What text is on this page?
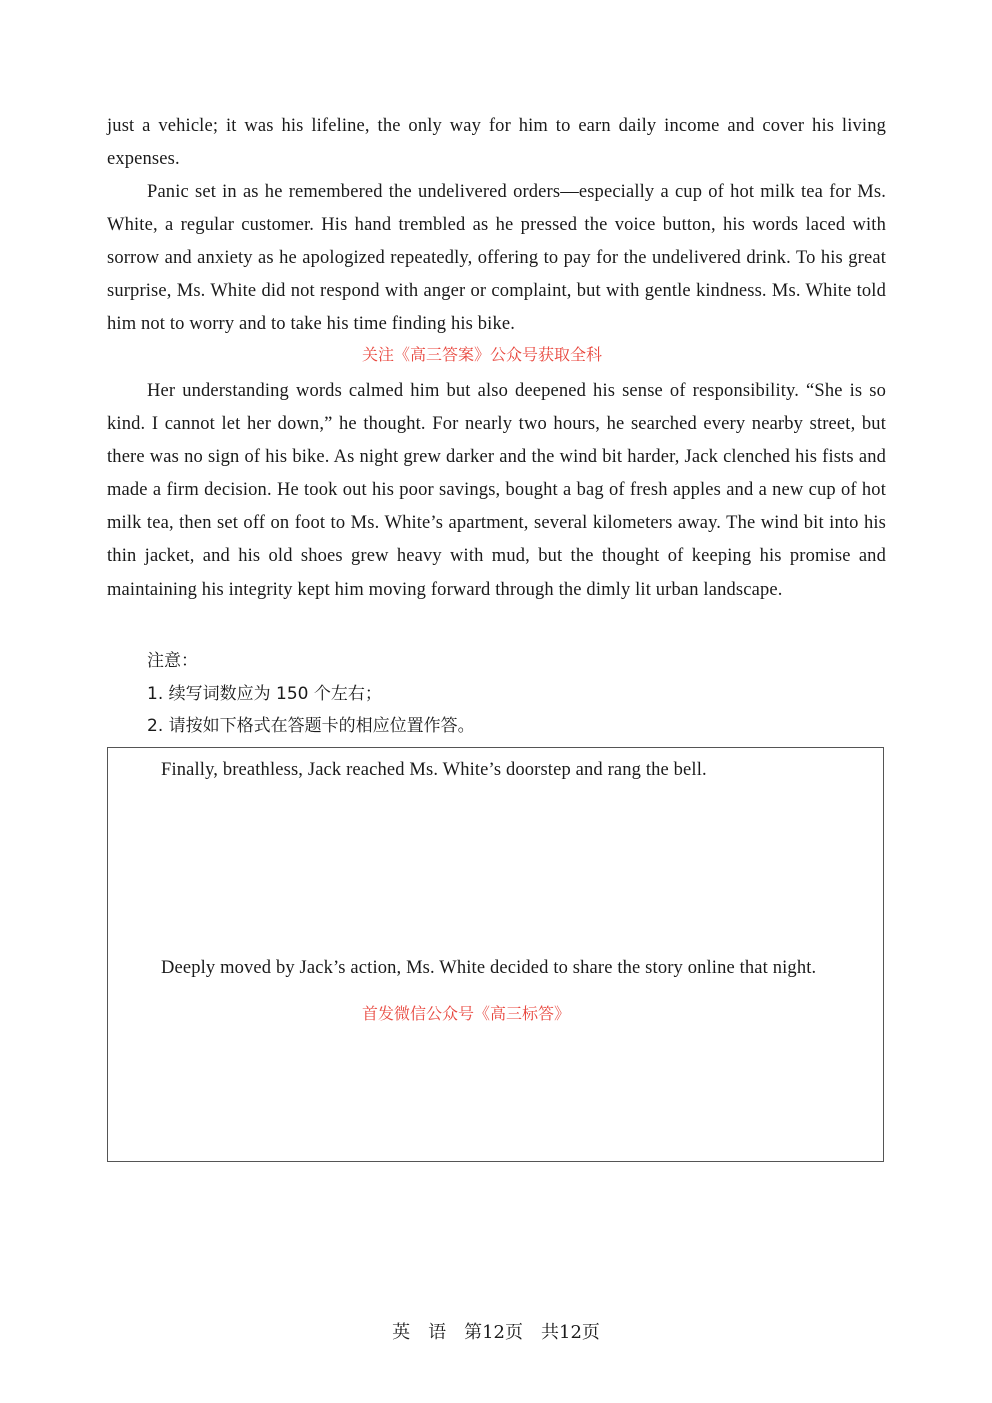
just a vehicle; it was his lifeline, the only way for him to earn daily income and cover his living expenses.

Panic set in as he remembered the undelivered orders—especially a cup of hot milk tea for Ms. White, a regular customer. His hand trembled as he pressed the voice button, his words laced with sorrow and anxiety as he apologized repeatedly, offering to pay for the undelivered drink. To his great surprise, Ms. White did not respond with anger or complaint, but with gentle kindness. Ms. White told him not to worry and to take his time finding his bike.

关注《高三答案》公众号获取全科

Her understanding words calmed him but also deepened his sense of responsibility. “She is so kind. I cannot let her down,” he thought. For nearly two hours, he searched every nearby street, but there was no sign of his bike. As night grew darker and the wind bit harder, Jack clenched his fists and made a firm decision. He took out his poor savings, bought a bag of fresh apples and a new cup of hot milk tea, then set off on foot to Ms. White’s apartment, several kilometers away. The wind bit into his thin jacket, and his old shoes grew heavy with mud, but the thought of keeping his promise and maintaining his integrity kept him moving forward through the dimly lit urban landscape.

注意：
1. 续写词数应为 150 个左右；
2. 请按如下格式在答题卡的相应位置作答。
Finally, breathless, Jack reached Ms. White’s doorstep and rang the bell.
Deeply moved by Jack’s action, Ms. White decided to share the story online that night.
首发微信公众号《高三标答》
英　语　第12页　共12页
